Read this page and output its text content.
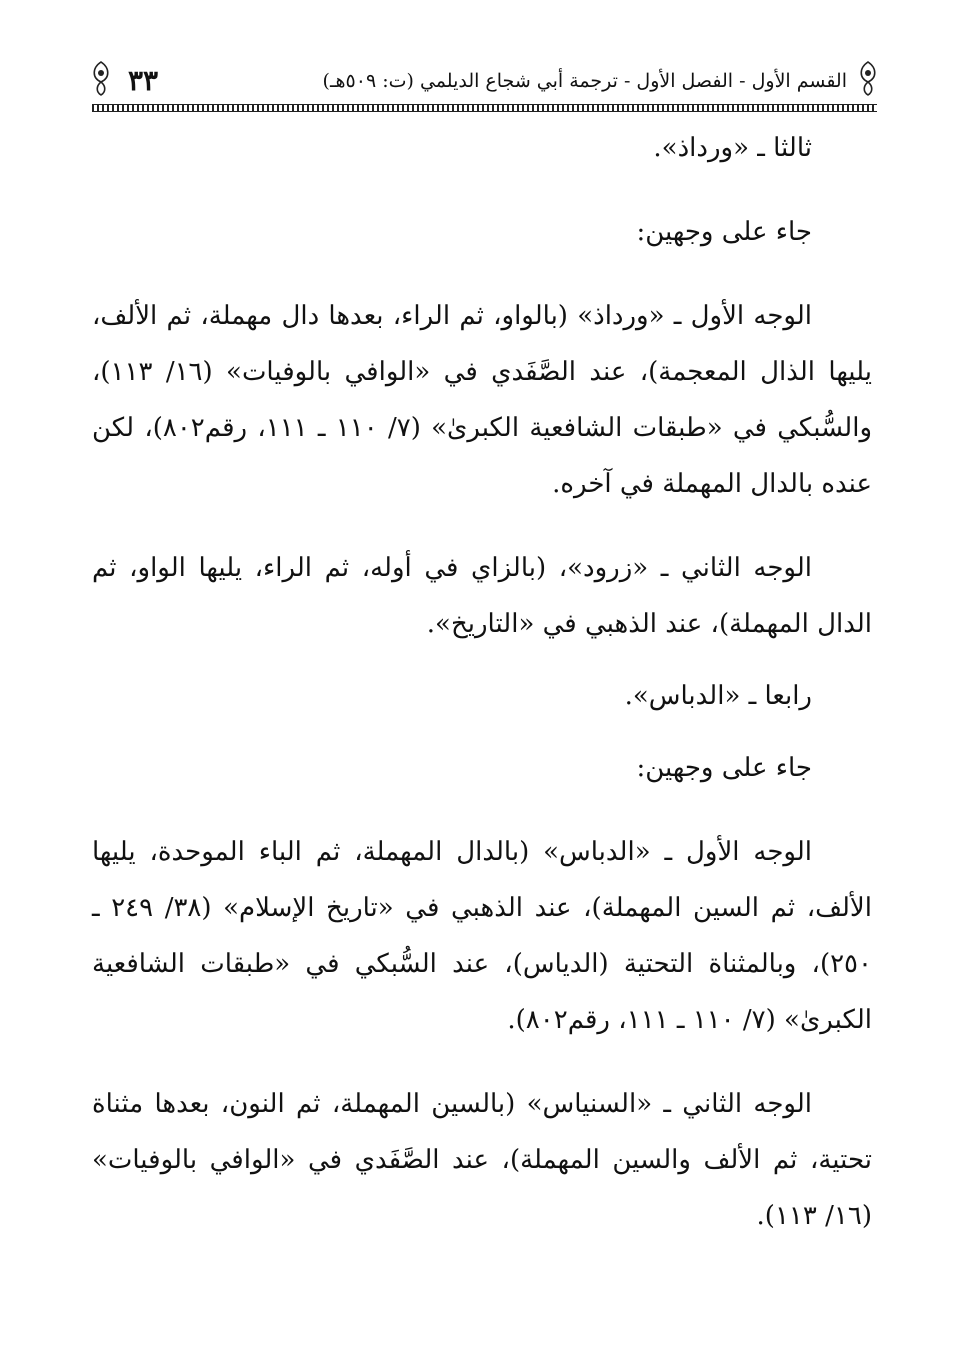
القسم الأول - الفصل الأول - ترجمة أبي شجاع الديلمي (ت: ٥٠٩هـ)
٣٣

ثالثا ـ «ورداذ».

جاء على وجهين:

الوجه الأول ـ «ورداذ» (بالواو، ثم الراء، بعدها دال مهملة، ثم الألف، يليها الذال المعجمة)، عند الصَّفَدي في «الوافي بالوفيات» (١٦/ ١١٣)، والسُّبكي في «طبقات الشافعية الكبرىٰ» (٧/ ١١٠ ـ ١١١، رقم٨٠٢)، لكن عنده بالدال المهملة في آخره.

الوجه الثاني ـ «زرود»، (بالزاي في أوله، ثم الراء، يليها الواو، ثم الدال المهملة)، عند الذهبي في «التاريخ».

رابعا ـ «الدباس».

جاء على وجهين:

الوجه الأول ـ «الدباس» (بالدال المهملة، ثم الباء الموحدة، يليها الألف، ثم السين المهملة)، عند الذهبي في «تاريخ الإسلام» (٣٨/ ٢٤٩ ـ ٢٥٠)، وبالمثناة التحتية (الدياس)، عند السُّبكي في «طبقات الشافعية الكبرىٰ» (٧/ ١١٠ ـ ١١١، رقم٨٠٢).

الوجه الثاني ـ «السنياس» (بالسين المهملة، ثم النون، بعدها مثناة تحتية، ثم الألف والسين المهملة)، عند الصَّفَدي في «الوافي بالوفيات» (١٦/ ١١٣).
